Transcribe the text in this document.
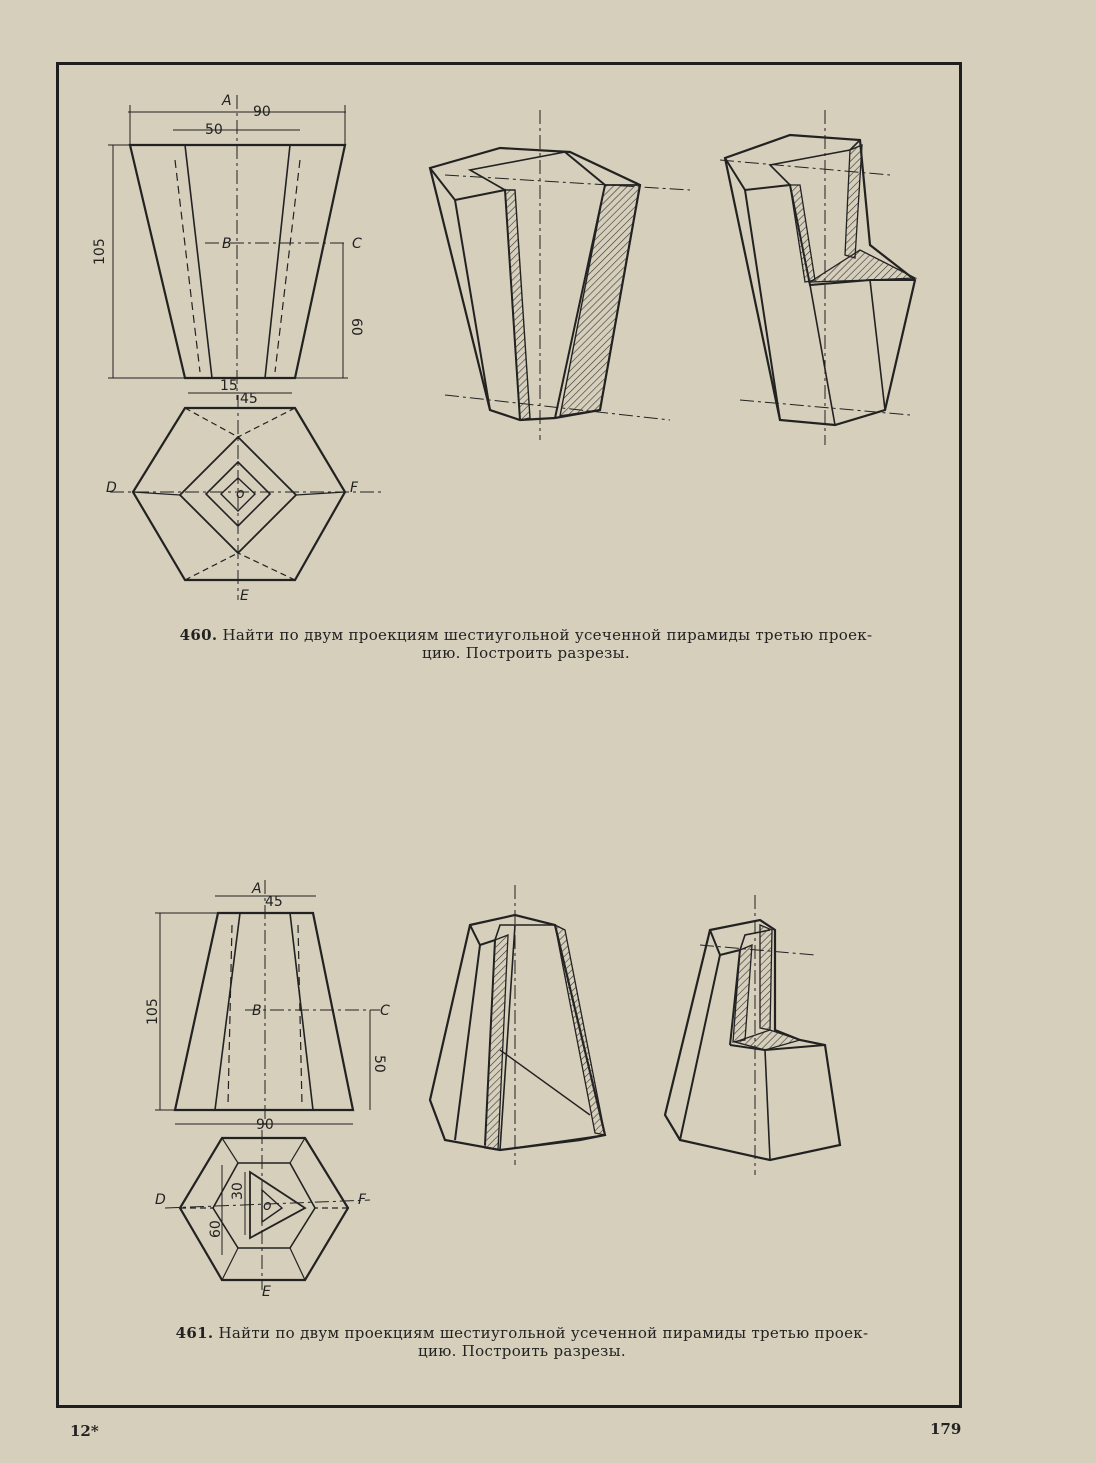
A
90
50
B	C
105
60
15
45
D	F
o
E
A
45
B	C
105
50
90
D	F
o
30
60
E
460. Найти по двум проекциям шестиугольной усеченной пирамиды третью проек-
цию. Построить разрезы.
461. Найти по двум проекциям шестиугольной усеченной пирамиды третью проек-
цию. Построить разрезы.
12*	179
